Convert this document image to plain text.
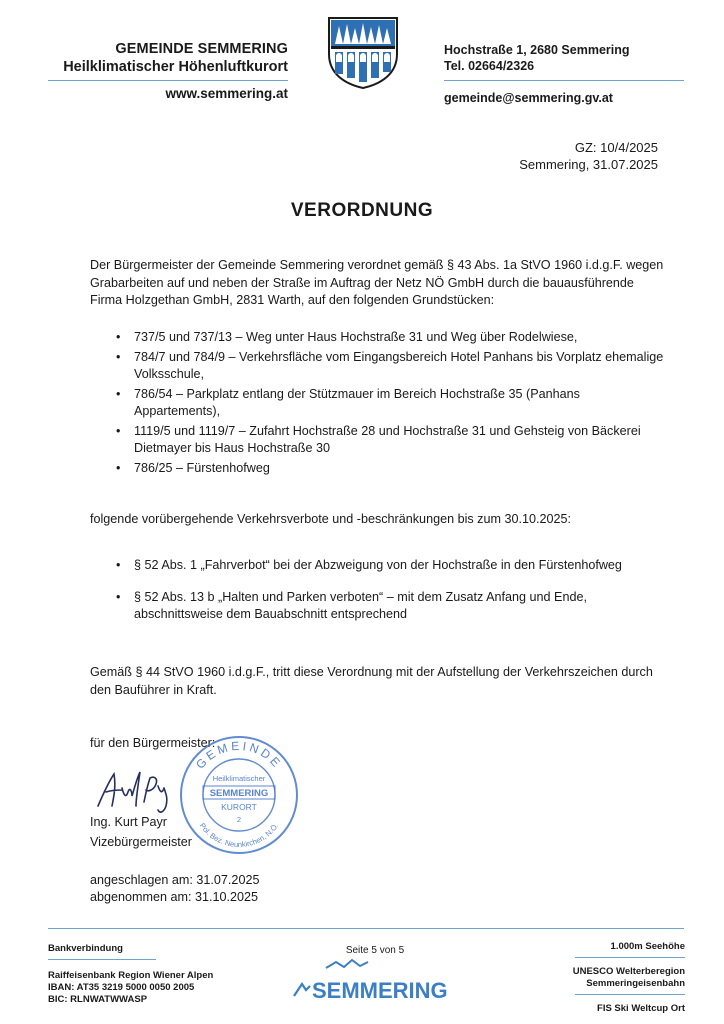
GEMEINDE SEMMERING
Heilklimatischer Höhenluftkurort
www.semmering.at
Hochstraße 1, 2680 Semmering
Tel. 02664/2326
gemeinde@semmering.gv.at
GZ: 10/4/2025
Semmering, 31.07.2025
VERORDNUNG
Der Bürgermeister der Gemeinde Semmering verordnet gemäß § 43 Abs. 1a StVO 1960 i.d.g.F. wegen Grabarbeiten auf und neben der Straße im Auftrag der Netz NÖ GmbH durch die bauausführende Firma Holzgethan GmbH, 2831 Warth, auf den folgenden Grundstücken:
• 737/5 und 737/13 – Weg unter Haus Hochstraße 31 und Weg über Rodelwiese,
• 784/7 und 784/9 – Verkehrsfläche vom Eingangsbereich Hotel Panhans bis Vorplatz ehemalige Volksschule,
• 786/54 – Parkplatz entlang der Stützmauer im Bereich Hochstraße 35 (Panhans Appartements),
• 1119/5 und 1119/7 – Zufahrt Hochstraße 28 und Hochstraße 31 und Gehsteig von Bäckerei Dietmayer bis Haus Hochstraße 30
• 786/25 – Fürstenhofweg
folgende vorübergehende Verkehrsverbote und -beschränkungen bis zum 30.10.2025:
• § 52 Abs. 1 „Fahrverbot“ bei der Abzweigung von der Hochstraße in den Fürstenhofweg
• § 52 Abs. 13 b „Halten und Parken verboten“ – mit dem Zusatz Anfang und Ende, abschnittsweise dem Bauabschnitt entsprechend
Gemäß § 44 StVO 1960 i.d.g.F., tritt diese Verordnung mit der Aufstellung der Verkehrszeichen durch den Bauführer in Kraft.
für den Bürgermeister:
Ing. Kurt Payr
Vizebürgermeister
GEMEINDE
Pol. Bez. Neunkirchen, N.Ö.
Heilklimatischer
SEMMERING
KURORT
2
angeschlagen am: 31.07.2025
abgenommen am: 31.10.2025
Bankverbindung
Raiffeisenbank Region Wiener Alpen
IBAN: AT35 3219 5000 0050 2005
BIC: RLNWATWWASP
Seite 5 von 5
SEMMERING
1.000m Seehöhe
UNESCO Welterberegion
Semmeringeisenbahn
FIS Ski Weltcup Ort
